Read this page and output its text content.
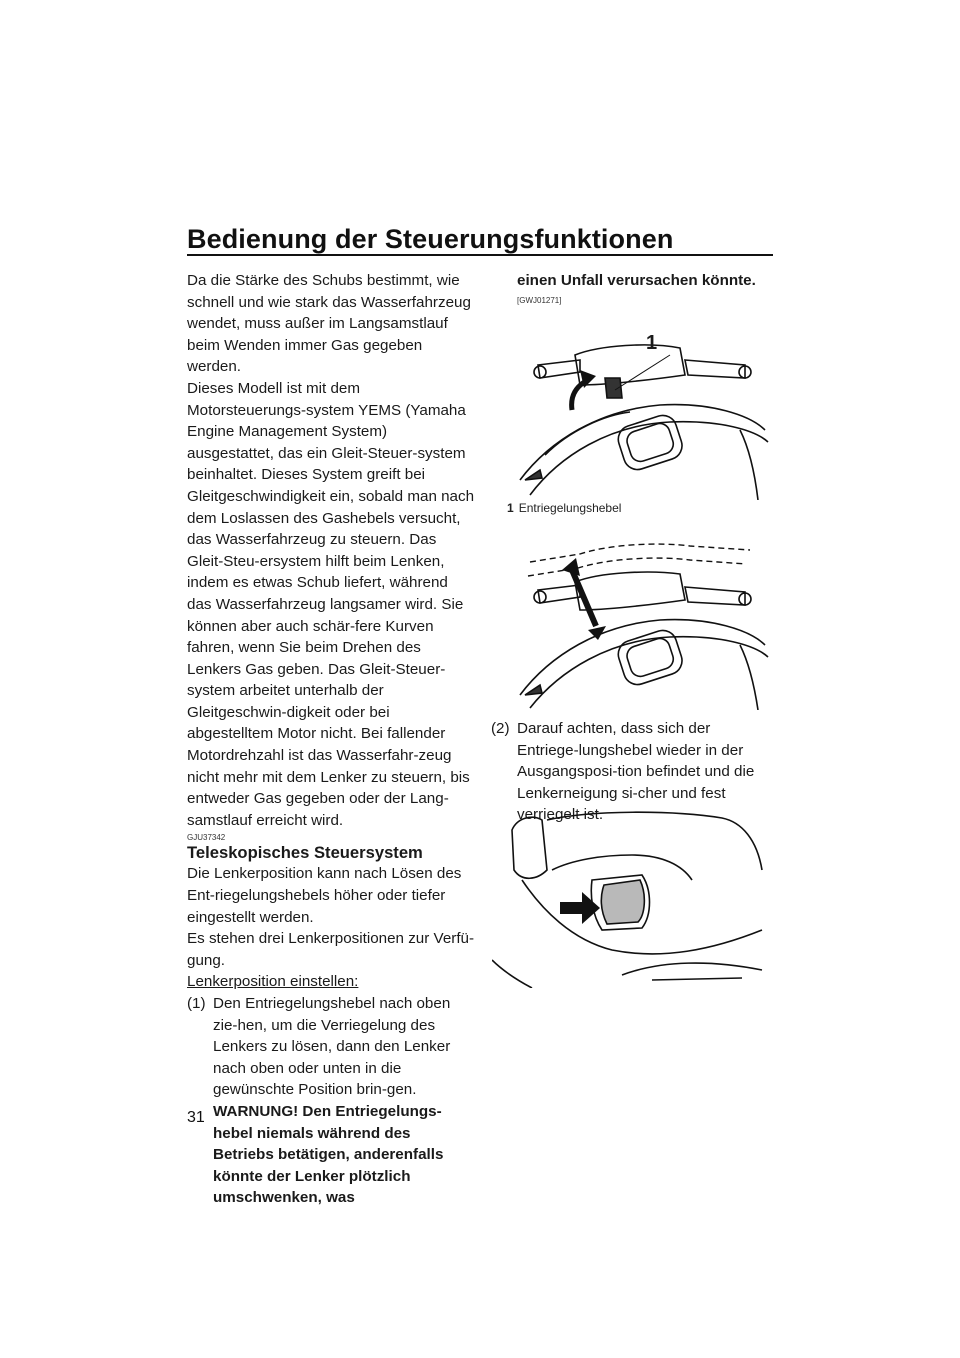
Bedienung der Steuerungsfunktionen

Da die Stärke des Schubs bestimmt, wie schnell und wie stark das Wasserfahrzeug wendet, muss außer im Langsamstlauf beim Wenden immer Gas gegeben werden.

Dieses Modell ist mit dem Motorsteuerungs-system YEMS (Yamaha Engine Management System) ausgestattet, das ein Gleit-Steuer-system beinhaltet. Dieses System greift bei Gleitgeschwindigkeit ein, sobald man nach dem Loslassen des Gashebels versucht, das Wasserfahrzeug zu steuern. Das Gleit-Steu-ersystem hilft beim Lenken, indem es etwas Schub liefert, während das Wasserfahrzeug langsamer wird. Sie können aber auch schär-fere Kurven fahren, wenn Sie beim Drehen des Lenkers Gas geben. Das Gleit-Steuer-system arbeitet unterhalb der Gleitgeschwin-digkeit oder bei abgestelltem Motor nicht. Bei fallender Motordrehzahl ist das Wasserfahr-zeug nicht mehr mit dem Lenker zu steuern, bis entweder Gas gegeben oder der Lang-samstlauf erreicht wird.

GJU37342

Teleskopisches Steuersystem

Die Lenkerposition kann nach Lösen des Ent-riegelungshebels höher oder tiefer eingestellt werden.

Es stehen drei Lenkerpositionen zur Verfü-gung.

Lenkerposition einstellen:

(1) Den Entriegelungshebel nach oben zie-hen, um die Verriegelung des Lenkers zu lösen, dann den Lenker nach oben oder unten in die gewünschte Position brin-gen. WARNUNG! Den Entriegelungs-hebel niemals während des Betriebs betätigen, anderenfalls könnte der Lenker plötzlich umschwenken, was
einen Unfall verursachen könnte.
[GWJ01271]
1
1 Entriegelungshebel
(2) Darauf achten, dass sich der Entriege-lungshebel wieder in der Ausgangsposi-tion befindet und die Lenkerneigung si-cher und fest verriegelt ist.
31
